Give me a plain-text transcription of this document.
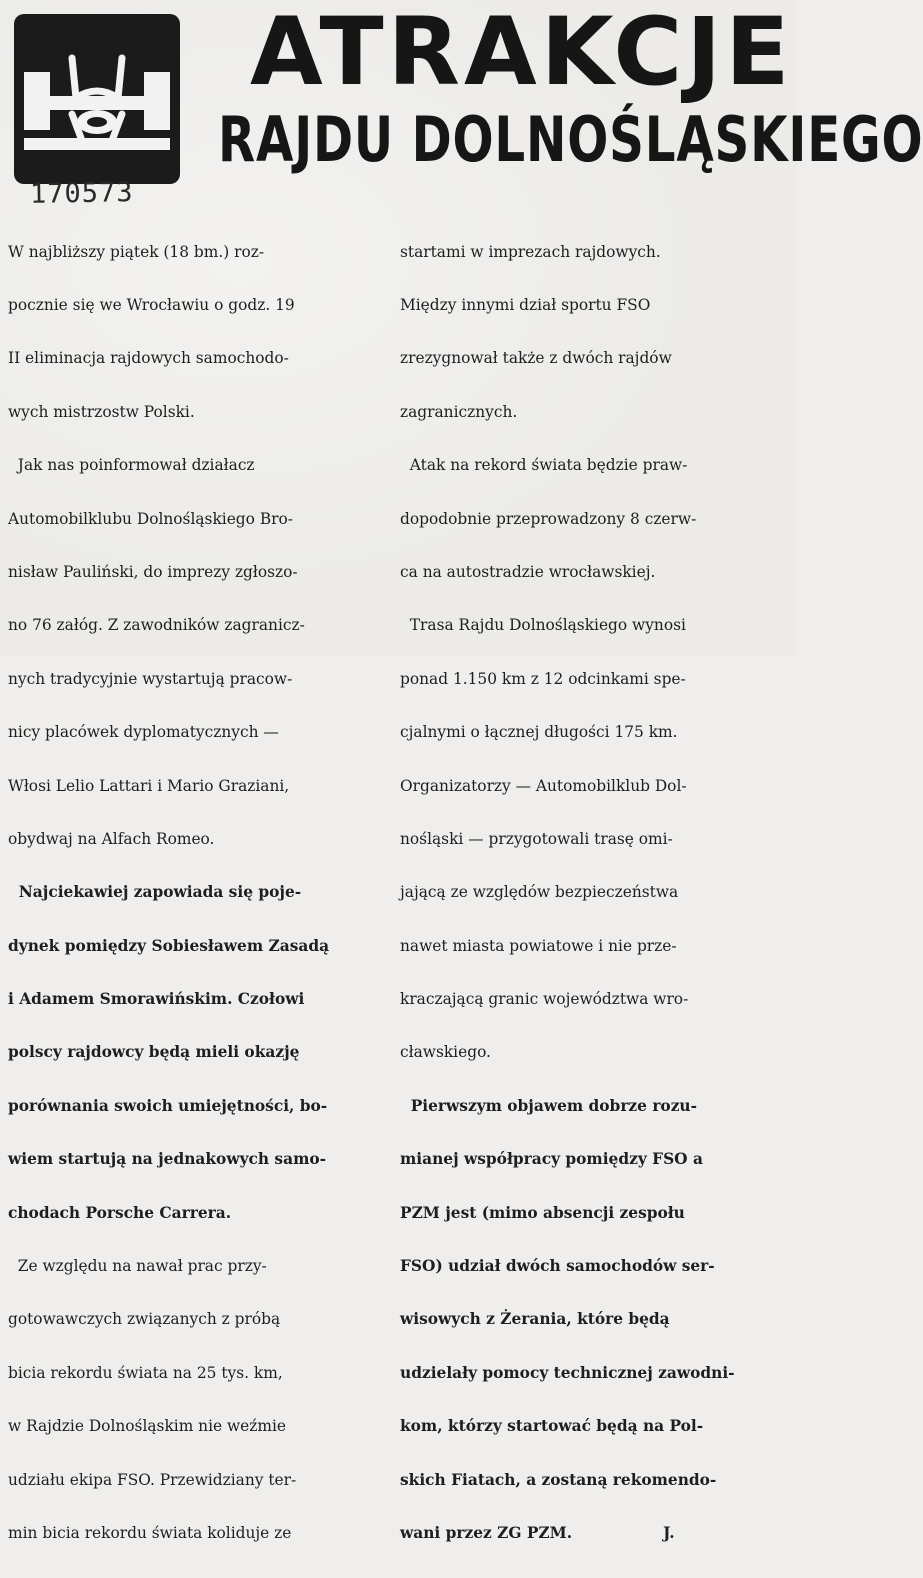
170573
ATRAKCJE
RAJDU DOLNOŚLĄSKIEGO

W najbliższy piątek (18 bm.) roz-

pocznie się we Wrocławiu o godz. 19

II eliminacja rajdowych samochodo-

wych mistrzostw Polski.

Jak nas poinformował działacz

Automobilklubu Dolnośląskiego Bro-

nisław Pauliński, do imprezy zgłoszo-

no 76 załóg. Z zawodników zagranicz-

nych tradycyjnie wystartują pracow-

nicy placówek dyplomatycznych —

Włosi Lelio Lattari i Mario Graziani,

obydwaj na Alfach Romeo.

Najciekawiej zapowiada się poje-

dynek pomiędzy Sobiesławem Zasadą

i Adamem Smorawińskim. Czołowi

polscy rajdowcy będą mieli okazję

porównania swoich umiejętności, bo-

wiem startują na jednakowych samo-

chodach Porsche Carrera.

Ze względu na nawał prac przy-

gotowawczych związanych z próbą

bicia rekordu świata na 25 tys. km,

w Rajdzie Dolnośląskim nie weźmie

udziału ekipa FSO. Przewidziany ter-

min bicia rekordu świata koliduje ze

startami w imprezach rajdowych.

Między innymi dział sportu FSO

zrezygnował także z dwóch rajdów

zagranicznych.

Atak na rekord świata będzie praw-

dopodobnie przeprowadzony 8 czerw-

ca na autostradzie wrocławskiej.

Trasa Rajdu Dolnośląskiego wynosi

ponad 1.150 km z 12 odcinkami spe-

cjalnymi o łącznej długości 175 km.

Organizatorzy — Automobilklub Dol-

nośląski — przygotowali trasę omi-

jającą ze względów bezpieczeństwa

nawet miasta powiatowe i nie prze-

kraczającą granic województwa wro-

cławskiego.

Pierwszym objawem dobrze rozu-

mianej współpracy pomiędzy FSO a

PZM jest (mimo absencji zespołu

FSO) udział dwóch samochodów ser-

wisowych z Żerania, które będą

udzielały pomocy technicznej zawodni-

kom, którzy startować będą na Pol-

skich Fiatach, a zostaną rekomendo-

wani przez ZG PZM.                 J.
